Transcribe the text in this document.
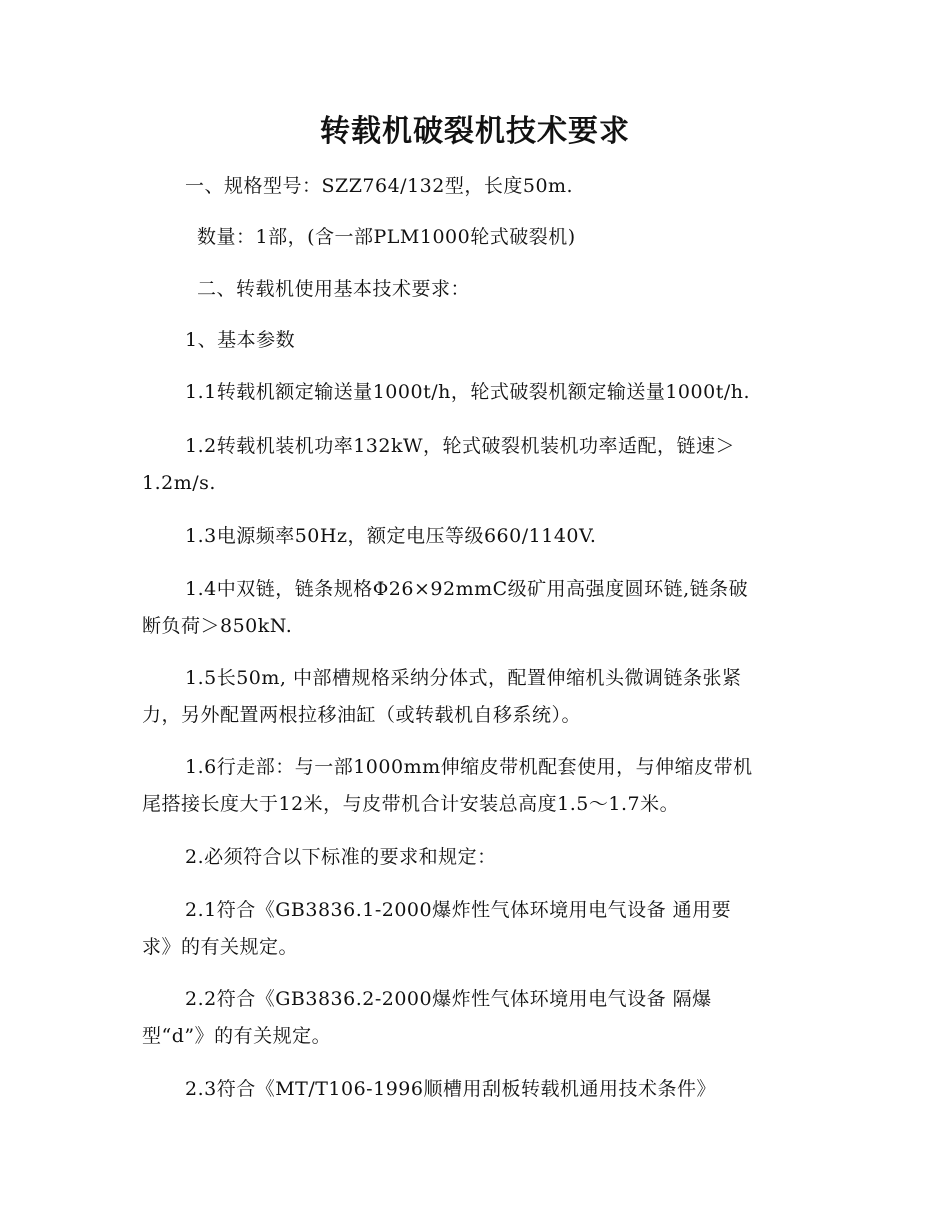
转载机破裂机技术要求
一、规格型号：SZZ764/132型，长度50m.
数量：1部，(含一部PLM1000轮式破裂机)
二、转载机使用基本技术要求：
1、基本参数
1.1转载机额定输送量1000t/h，轮式破裂机额定输送量1000t/h.
1.2转载机装机功率132kW，轮式破裂机装机功率适配，链速＞
1.2m/s.
1.3电源频率50Hz，额定电压等级660/1140V.
1.4中双链，链条规格Φ26×92mmC级矿用高强度圆环链,链条破
断负荷＞850kN.
1.5长50m, 中部槽规格采纳分体式，配置伸缩机头微调链条张紧
力，另外配置两根拉移油缸（或转载机自移系统）。
1.6行走部：与一部1000mm伸缩皮带机配套使用，与伸缩皮带机
尾搭接长度大于12米，与皮带机合计安装总高度1.5～1.7米。
2.必须符合以下标准的要求和规定：
2.1符合《GB3836.1-2000爆炸性气体环境用电气设备 通用要
求》的有关规定。
2.2符合《GB3836.2-2000爆炸性气体环境用电气设备 隔爆
型“d”》的有关规定。
2.3符合《MT/T106-1996顺槽用刮板转载机通用技术条件》
